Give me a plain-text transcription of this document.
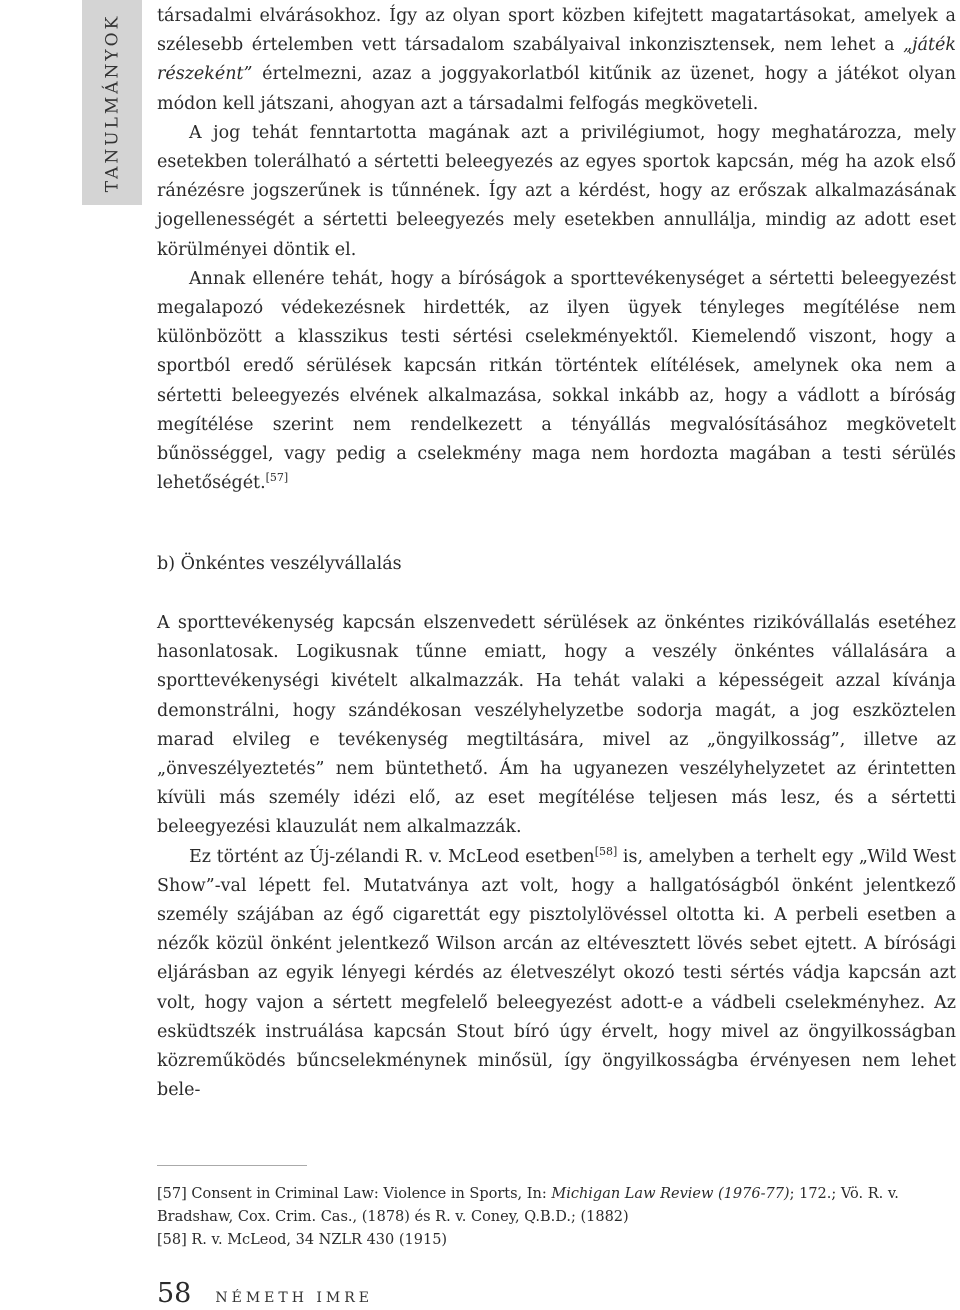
TANULMÁNYOK társadalmi elvárásokhoz. Így az olyan sport közben kifejtett magatartásokat, amelyek a szélesebb értelemben vett társadalom szabályaival inkonzisztensek, nem lehet a „játék részeként” értelmezni, azaz a joggyakorlatból kitűnik az üzenet, hogy a játékot olyan módon kell játszani, ahogyan azt a társadalmi felfogás megköveteli.

A jog tehát fenntartotta magának azt a privilégiumot, hogy meghatározza, mely esetekben tolerálható a sértetti beleegyezés az egyes sportok kapcsán, még ha azok első ránézésre jogszerűnek is tűnnének. Így azt a kérdést, hogy az erőszak alkalmazásának jogellenességét a sértetti beleegyezés mely esetekben annullálja, mindig az adott eset körülményei döntik el.

Annak ellenére tehát, hogy a bíróságok a sporttevékenységet a sértetti beleegyezést megalapozó védekezésnek hirdették, az ilyen ügyek tényleges megítélése nem különbözött a klasszikus testi sértési cselekményektől. Kiemelendő viszont, hogy a sportból eredő sérülések kapcsán ritkán történtek elítélések, amelynek oka nem a sértetti beleegyezés elvének alkalmazása, sokkal inkább az, hogy a vádlott a bíróság megítélése szerint nem rendelkezett a tényállás megvalósításához megkövetelt bűnösséggel, vagy pedig a cselekmény maga nem hordozta magában a testi sérülés lehetőségét.[57]

b) Önkéntes veszélyvállalás

A sporttevékenység kapcsán elszenvedett sérülések az önkéntes rizikóvállalás esetéhez hasonlatosak. Logikusnak tűnne emiatt, hogy a veszély önkéntes vállalására a sporttevékenységi kivételt alkalmazzák. Ha tehát valaki a képességeit azzal kívánja demonstrálni, hogy szándékosan veszélyhelyzetbe sodorja magát, a jog eszköztelen marad elvileg e tevékenység megtiltására, mivel az „öngyilkosság”, illetve az „önveszélyeztetés” nem büntethető. Ám ha ugyanezen veszélyhelyzetet az érintetten kívüli más személy idézi elő, az eset megítélése teljesen más lesz, és a sértetti beleegyezési klauzulát nem alkalmazzák.

Ez történt az Új-zélandi R. v. McLeod esetben[58] is, amelyben a terhelt egy „Wild West Show”-val lépett fel. Mutatványa azt volt, hogy a hallgatóságból önként jelentkező személy szájában az égő cigarettát egy pisztolylövéssel oltotta ki. A perbeli esetben a nézők közül önként jelentkező Wilson arcán az eltévesztett lövés sebet ejtett. A bírósági eljárásban az egyik lényegi kérdés az életveszélyt okozó testi sértés vádja kapcsán azt volt, hogy vajon a sértett megfelelő beleegyezést adott-e a vádbeli cselekményhez. Az esküdtszék instruálása kapcsán Stout bíró úgy érvelt, hogy mivel az öngyilkosságban közreműködés bűncselekménynek minősül, így öngyilkosságba érvényesen nem lehet bele-

[57] Consent in Criminal Law: Violence in Sports, In: Michigan Law Review (1976-77); 172.; Vö. R. v. Bradshaw, Cox. Crim. Cas., (1878) és R. v. Coney, Q.B.D.; (1882)

[58] R. v. McLeod, 34 NZLR 430 (1915)

58 NÉMETH IMRE
